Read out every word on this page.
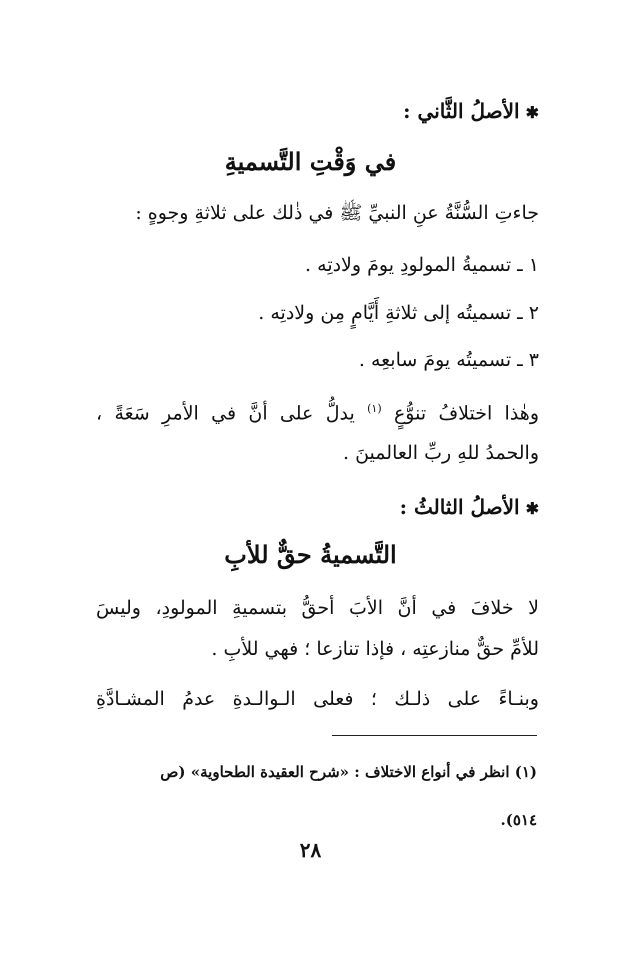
✱الأصلُ الثَّاني :
في وَقْتِ التَّسميةِ
جاءتِ السُّنَّةُ عنِ النبيِّ ﷺ في ذٰلك على ثلاثةِ وجوهٍ :
١ ـ تسميةُ المولودِ يومَ ولادتِه .
٢ ـ تسميتُه إلى ثلاثةِ أَيَّامٍ مِن ولادتِه .
٣ ـ تسميتُه يومَ سابعِه .
وهٰذا اختلافُ تنوُّعٍ $^{(١)}$ يدلُّ على أنَّ في الأمرِ سَعَةً ،
والحمدُ للهِ ربِّ العالمينَ .
✱الأصلُ الثالثُ :
التَّسميةُ حقٌّ للأبِ
لا خلافَ في أنَّ الأبَ أحقُّ بتسميةِ المولودِ، وليسَ
للأمِّ حقٌّ منازعتِه ، فإذا تنازعا ؛ فهي للأبِ .
وبنـاءً على ذلـك ؛ فعلى الـوالـدةِ عدمُ المشـادَّةِ
(١) انظر في أنواع الاختلاف : «شرح العقيدة الطحاوية» (ص
٥١٤).
٢٨
